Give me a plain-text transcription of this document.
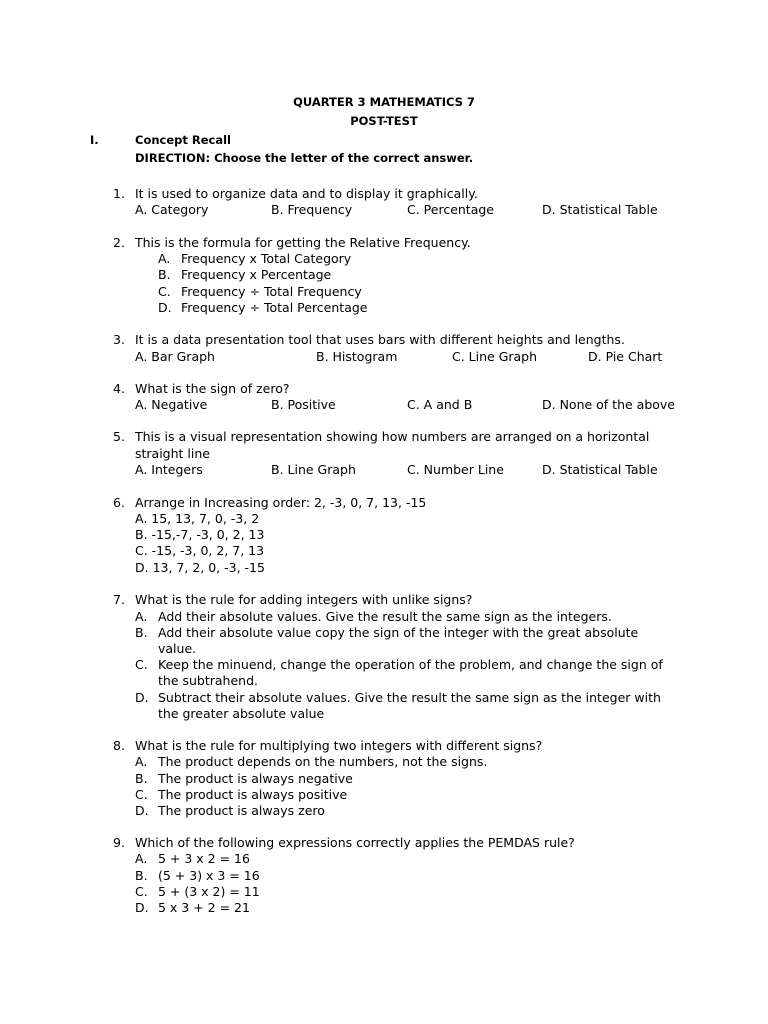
QUARTER 3 MATHEMATICS 7
POST-TEST
I.	Concept Recall
DIRECTION: Choose the letter of the correct answer.
1. It is used to organize data and to display it graphically.
A. Category	B. Frequency	C. Percentage	D. Statistical Table
2. This is the formula for getting the Relative Frequency.
A. Frequency x Total Category
B. Frequency x Percentage
C. Frequency ÷ Total Frequency
D. Frequency ÷ Total Percentage
3. It is a data presentation tool that uses bars with different heights and lengths.
A. Bar Graph	B. Histogram	C. Line Graph	D. Pie Chart
4. What is the sign of zero?
A. Negative	B. Positive	C. A and B	D. None of the above
5. This is a visual representation showing how numbers are arranged on a horizontal
straight line
A. Integers	B. Line Graph	C. Number Line	D. Statistical Table
6. Arrange in Increasing order: 2, -3, 0, 7, 13, -15
A. 15, 13, 7, 0, -3, 2
B. -15,-7, -3, 0, 2, 13
C. -15, -3, 0, 2, 7, 13
D. 13, 7, 2, 0, -3, -15
7. What is the rule for adding integers with unlike signs?
A. Add their absolute values. Give the result the same sign as the integers.
B. Add their absolute value copy the sign of the integer with the great absolute
value.
C. Keep the minuend, change the operation of the problem, and change the sign of
the subtrahend.
D. Subtract their absolute values. Give the result the same sign as the integer with
the greater absolute value
8. What is the rule for multiplying two integers with different signs?
A. The product depends on the numbers, not the signs.
B. The product is always negative
C. The product is always positive
D. The product is always zero
9. Which of the following expressions correctly applies the PEMDAS rule?
A. 5 + 3 x 2 = 16
B. (5 + 3) x 3 = 16
C. 5 + (3 x 2) = 11
D. 5 x 3 + 2 = 21
